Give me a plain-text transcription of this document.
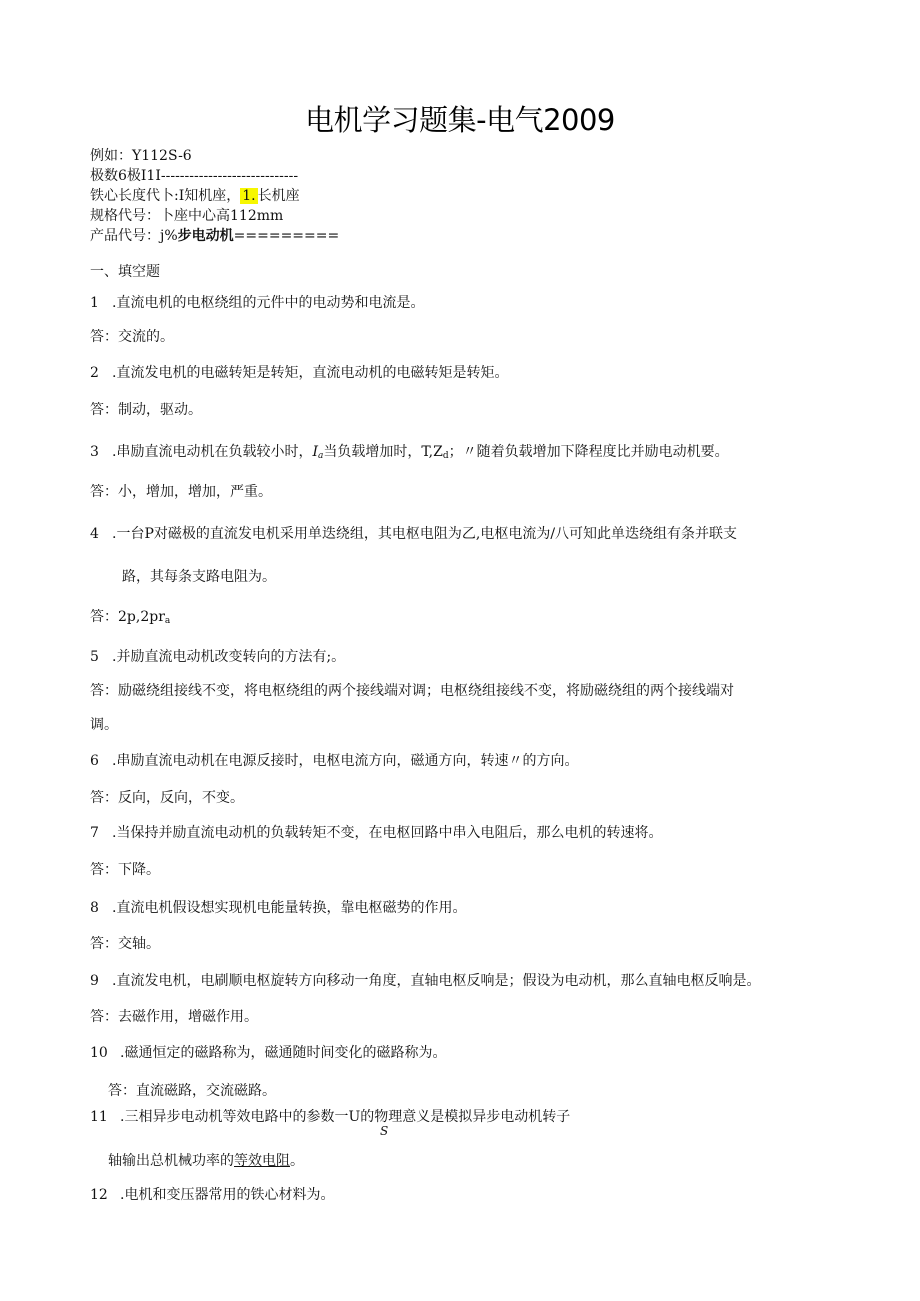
电机学习题集-电气2009
例如：Y112S-6
极数6极I1I-----------------------------
铁心长度代卜:I知机座， 1. 长机座
规格代号：卜座中心高112mm
产品代号：j%步电动机=========
一、填空题
1 .直流电机的电枢绕组的元件中的电动势和电流是。
答：交流的。
2 .直流发电机的电磁转矩是转矩，直流电动机的电磁转矩是转矩。
答：制动，驱动。
3 .串励直流电动机在负载较小时，$I_a$当负载增加时，$T,Z_d$；〃随着负载增加下降程度比并励电动机要。
答：小，增加，增加，严重。
4 .一台P对磁极的直流发电机采用单迭绕组，其电枢电阻为乙,电枢电流为/八可知此单迭绕组有条并联支
路，其每条支路电阻为。
答：$2p,2pr_a$
5 .并励直流电动机改变转向的方法有;。
答：励磁绕组接线不变，将电枢绕组的两个接线端对调；电枢绕组接线不变，将励磁绕组的两个接线端对
调。
6 .串励直流电动机在电源反接时，电枢电流方向，磁通方向，转速〃的方向。
答：反向，反向，不变。
7 .当保持并励直流电动机的负载转矩不变，在电枢回路中串入电阻后，那么电机的转速将。
答：下降。
8 .直流电机假设想实现机电能量转换，靠电枢磁势的作用。
答：交轴。
9 .直流发电机，电刷顺电枢旋转方向移动一角度，直轴电枢反响是；假设为电动机，那么直轴电枢反响是。
答：去磁作用，增磁作用。
10 .磁通恒定的磁路称为，磁通随时间变化的磁路称为。
答：直流磁路，交流磁路。
11 .三相异步电动机等效电路中的参数一U的物理意义是模拟异步电动机转子
S
轴输出总机械功率的等效电阻。
12 .电机和变压器常用的铁心材料为。
